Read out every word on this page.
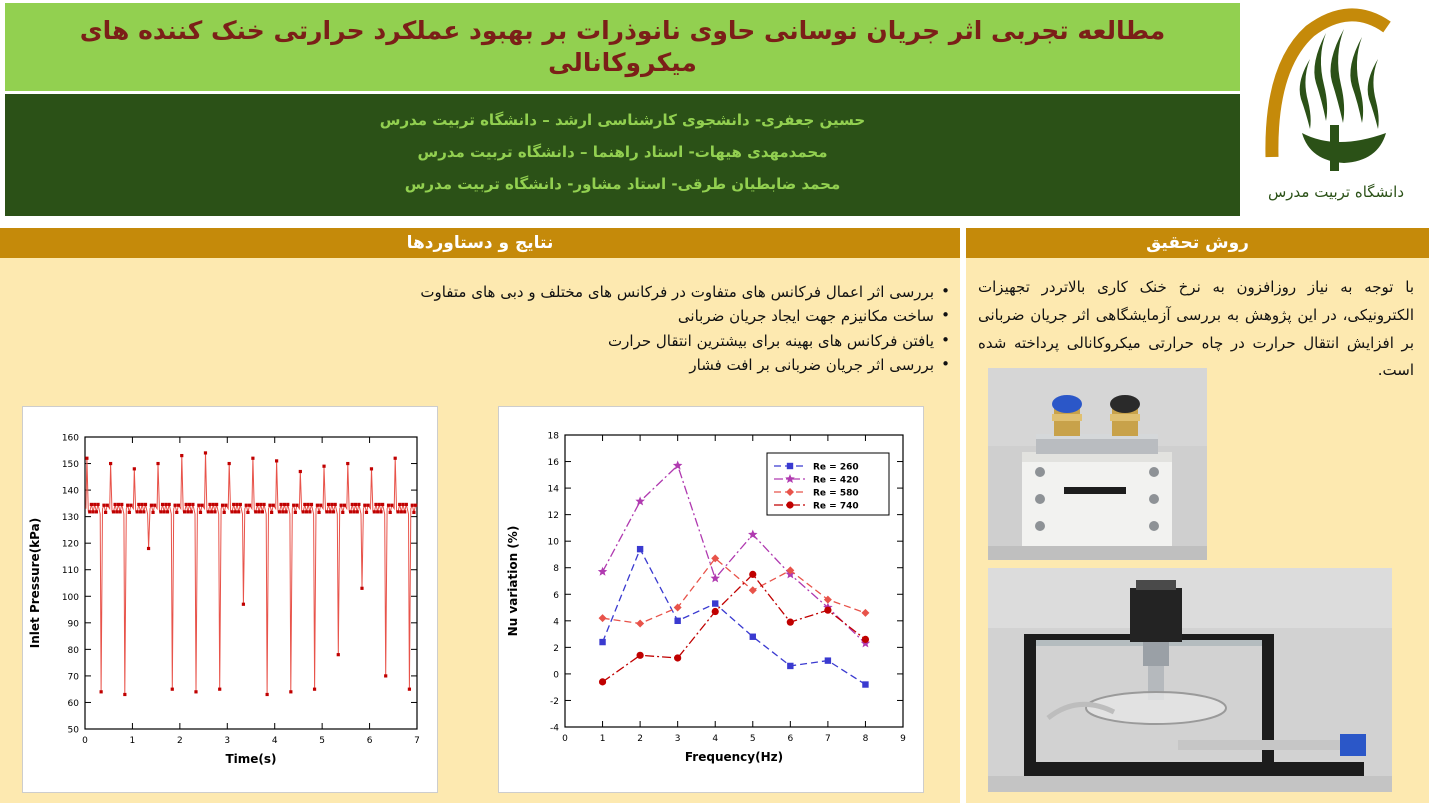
مطالعه تجربی اثر جریان نوسانی حاوی نانوذرات بر بهبود عملکرد حرارتی خنک کننده های میکروکانالی
حسین جعفری- دانشجوی کارشناسی ارشد – دانشگاه تربیت مدرس
محمدمهدی هیهات- استاد راهنما – دانشگاه تربیت مدرس
محمد ضابطیان طرقی- استاد مشاور- دانشگاه تربیت مدرس	دانشگاه تربیت مدرس
نتایج و دستاوردها	روش تحقیق
با توجه به نیاز روزافزون به نرخ خنک کاری بالاتردر تجهیزات الکترونیکی، در این پژوهش به بررسی آزمایشگاهی اثر جریان ضربانی بر افزایش انتقال حرارت در چاه حرارتی میکروکانالی پرداخته شده است.
• بررسی اثر اعمال فرکانس های متفاوت در فرکانس های مختلف و دبی های متفاوت
• ساخت مکانیزم جهت ایجاد جریان ضربانی
• یافتن فرکانس های بهینه برای بیشترین انتقال حرارت
• بررسی اثر جریان ضربانی بر افت فشار
50
60
70
80
90
100
110
120
130
140
150
160
0	1	2	3	4	5	6	7
Time(s)
Inlet Pressure(kPa)
-4
-2
0
2
4
6
8
10
12
14
16
18
0	1	2	3	4	5	6	7	8	9
Frequency(Hz)
Nu variation (%)
Re = 260
Re = 420
Re = 580
Re = 740
